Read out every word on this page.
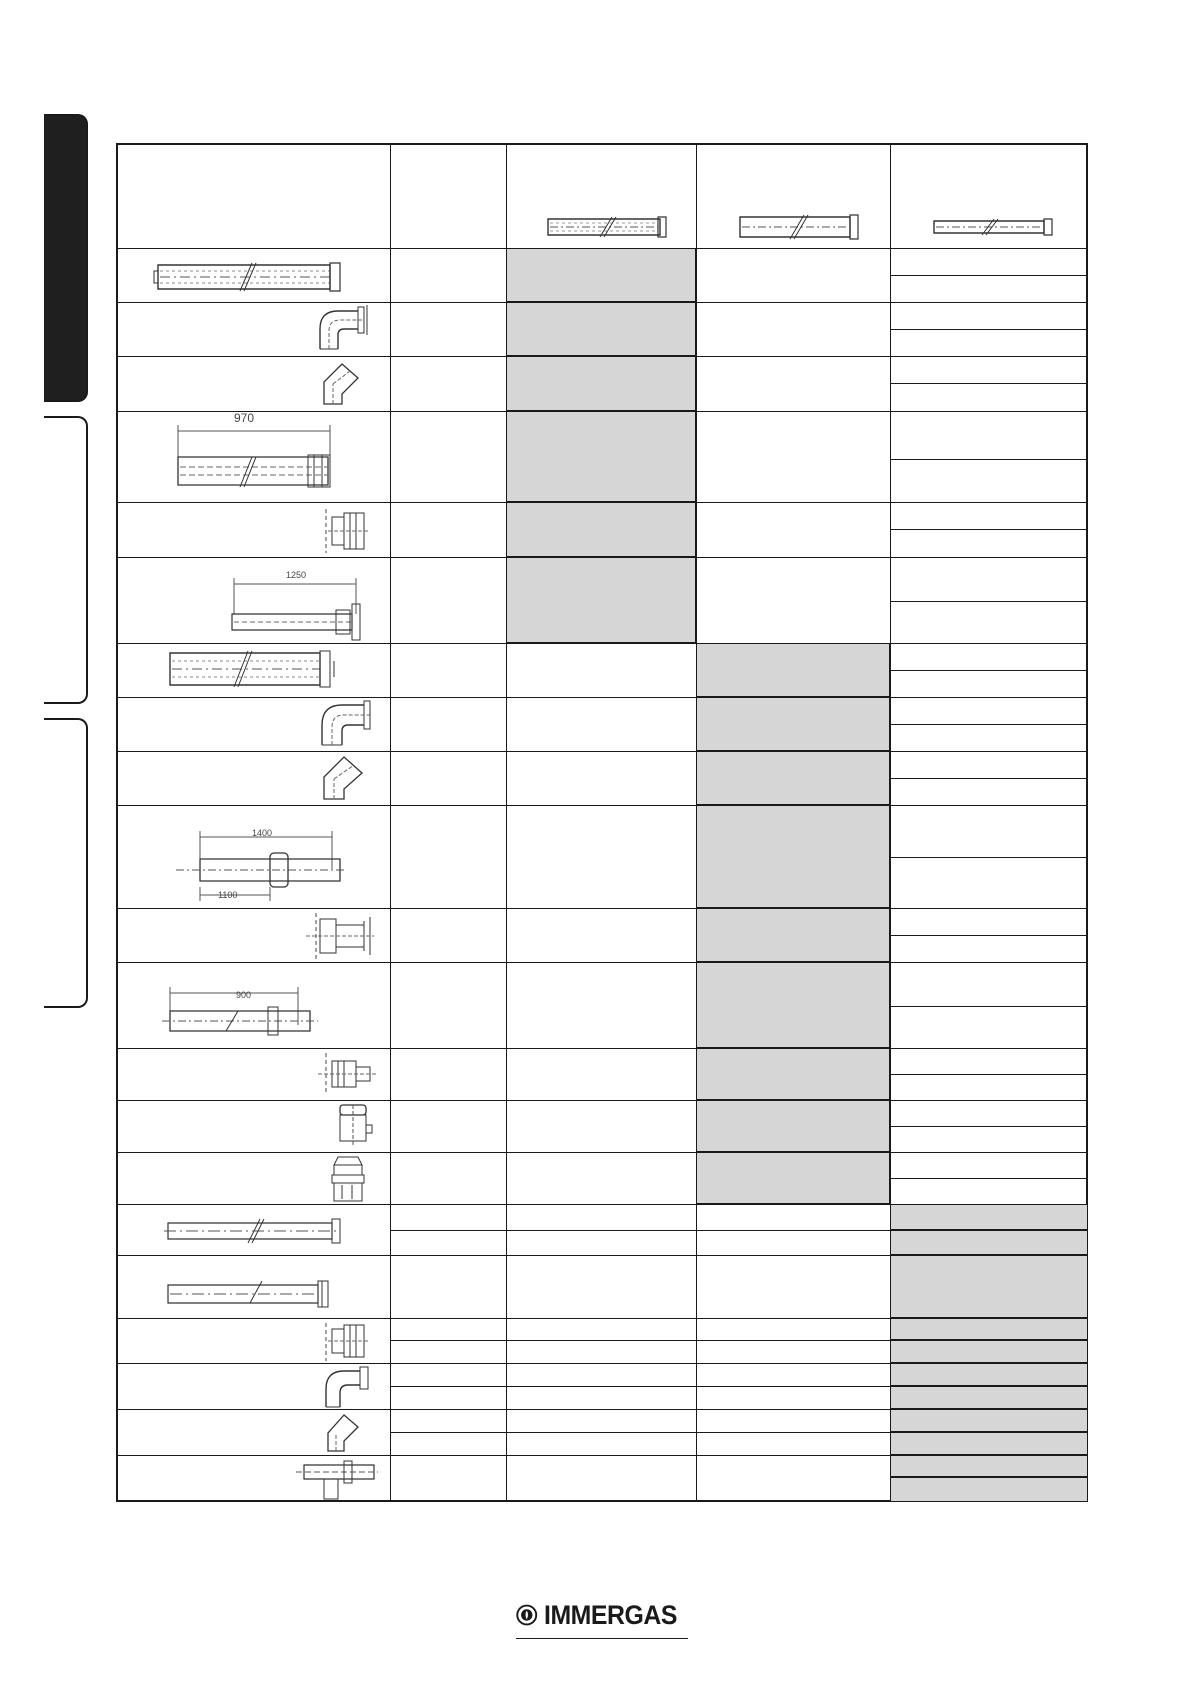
970
1250
1400
1100
900
IMMERGAS
